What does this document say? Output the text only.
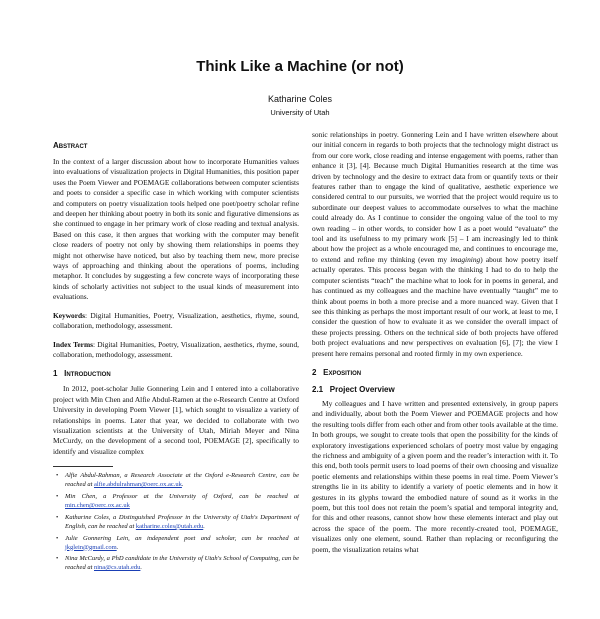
Think Like a Machine (or not)
Katharine Coles
University of Utah
Abstract

In the context of a larger discussion about how to incorporate Humanities values into evaluations of visualization projects in Digital Humanities, this position paper uses the Poem Viewer and POEMAGE collaborations between computer scientists and poets to consider a specific case in which working with computer scientists and computers on poetry visualization tools helped one poet/poetry scholar refine and deepen her thinking about poetry in both its sonic and figurative dimensions as she continued to engage in her primary work of close reading and textual analysis. Based on this case, it then argues that working with the computer may benefit close readers of poetry not only by showing them relationships in poems they might not otherwise have noticed, but also by teaching them new, more precise ways of approaching and thinking about the operations of poems, including metaphor. It concludes by suggesting a few concrete ways of incorporating these kinds of scholarly activities not subject to the usual kinds of measurement into evaluations.

Keywords: Digital Humanities, Poetry, Visualization, aesthetics, rhyme, sound, collaboration, methodology, assessment.

Index Terms: Digital Humanities, Poetry, Visualization, aesthetics, rhyme, sound, collaboration, methodology, assessment.

1 Introduction

In 2012, poet-scholar Julie Gonnering Lein and I entered into a collaborative project with Min Chen and Alfie Abdul-Ramen at the e-Research Centre at Oxford University in developing Poem Viewer [1], which sought to visualize a variety of relationships in poems. Later that year, we decided to collaborate with two visualization scientists at the University of Utah, Miriah Meyer and Nina McCurdy, on the development of a second tool, POEMAGE [2], specifically to identify and visualize complex

• Alfie Abdul-Rahman, a Research Associate at the Oxford e-Research Centre, can be reached at alfie.abdulrahman@oerc.ox.ac.uk.
• Min Chen, a Professor at the University of Oxford, can be reached at min.chen@oerc.ox.ac.uk
• Katharine Coles, a Distinguished Professor in the University of Utah's Department of English, can be reached at katharine.coles@utah.edu.
• Julie Gonnering Lein, an independent poet and scholar, can be reached at jkglein@gmail.com.
• Nina McCurdy, a PhD candidate in the University of Utah's School of Computing, can be reached at nina@cs.utah.edu.

sonic relationships in poetry. Gonnering Lein and I have written elsewhere about our initial concern in regards to both projects that the technology might distract us from our core work, close reading and intense engagement with poems, rather than enhance it [3], [4]. Because much Digital Humanities research at the time was driven by technology and the desire to extract data from or quantify texts or their features rather than to engage the kind of qualitative, aesthetic experience we considered central to our pursuits, we worried that the project would require us to subordinate our deepest values to accommodate ourselves to what the machine could already do. As I continue to consider the ongoing value of the tool to my own reading – in other words, to consider how I as a poet would “evaluate” the tool and its usefulness to my primary work [5] – I am increasingly led to think about how the project as a whole encouraged me, and continues to encourage me, to extend and refine my thinking (even my imagining) about how poetry itself actually operates. This process began with the thinking I had to do to help the computer scientists “teach” the machine what to look for in poems in general, and has continued as my colleagues and the machine have eventually “taught” me to think about poems in both a more precise and a more nuanced way. Given that I see this thinking as perhaps the most important result of our work, at least to me, I consider the question of how to evaluate it as we consider the overall impact of these projects pressing. Others on the technical side of both projects have offered both project evaluations and new perspectives on evaluation [6], [7]; the view I present here remains personal and rooted firmly in my own experience.

2 Exposition
2.1 Project Overview

My colleagues and I have written and presented extensively, in group papers and individually, about both the Poem Viewer and POEMAGE projects and how the resulting tools differ from each other and from other tools available at the time. In both groups, we sought to create tools that open the possibility for the kinds of exploratory investigations experienced scholars of poetry most value by engaging the richness and ambiguity of a given poem and the reader’s interaction with it. To this end, both tools permit users to load poems of their own choosing and visualize poetic elements and relationships within these poems in real time. Poem Viewer’s strengths lie in its ability to identify a variety of poetic elements and in how it gestures in its glyphs toward the embodied nature of sound as it works in the poem, but this tool does not retain the poem’s spatial and temporal integrity and, for this and other reasons, cannot show how these elements interact and play out across the space of the poem. The more recently-created tool, POEMAGE, visualizes only one element, sound. Rather than replacing or reconfiguring the poem, the visualization retains what
